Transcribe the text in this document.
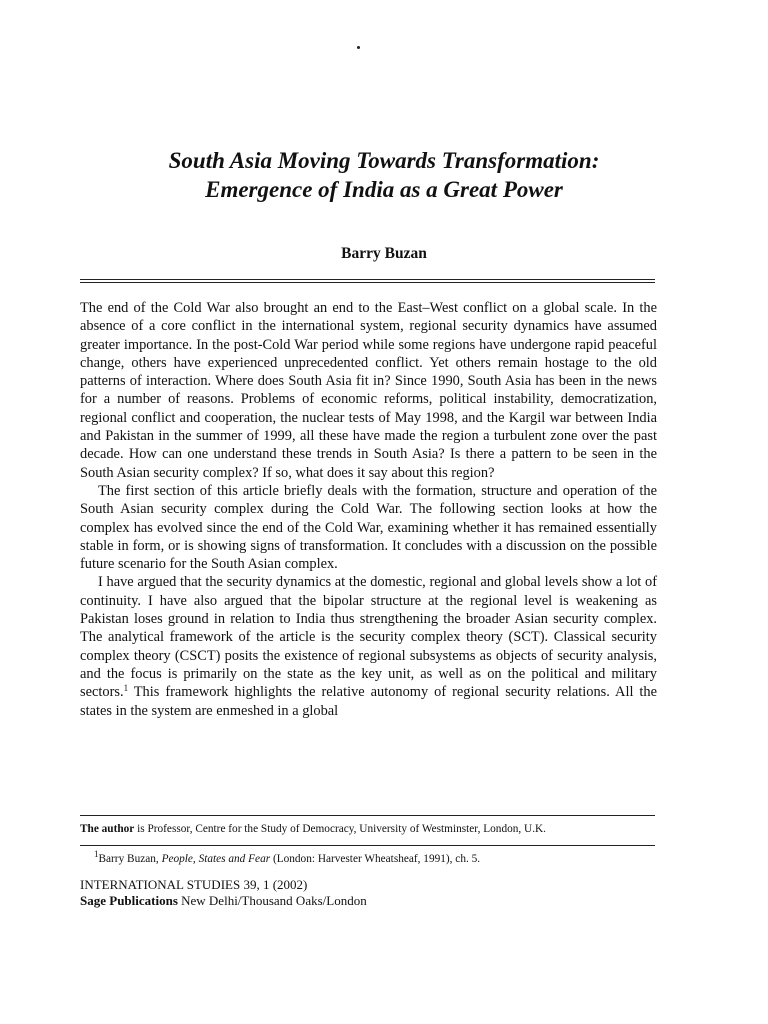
South Asia Moving Towards Transformation:
Emergence of India as a Great Power
Barry Buzan

The end of the Cold War also brought an end to the East–West conflict on a global scale. In the absence of a core conflict in the international system, regional security dynamics have assumed greater importance. In the post-Cold War period while some regions have undergone rapid peaceful change, others have experienced unprecedented conflict. Yet others remain hostage to the old patterns of interaction. Where does South Asia fit in? Since 1990, South Asia has been in the news for a number of reasons. Problems of economic reforms, political instability, democratization, regional conflict and cooperation, the nuclear tests of May 1998, and the Kargil war between India and Pakistan in the summer of 1999, all these have made the region a turbulent zone over the past decade. How can one understand these trends in South Asia? Is there a pattern to be seen in the South Asian security complex? If so, what does it say about this region?

The first section of this article briefly deals with the formation, structure and operation of the South Asian security complex during the Cold War. The following section looks at how the complex has evolved since the end of the Cold War, examining whether it has remained essentially stable in form, or is showing signs of transformation. It concludes with a discussion on the possible future scenario for the South Asian complex.

I have argued that the security dynamics at the domestic, regional and global levels show a lot of continuity. I have also argued that the bipolar structure at the regional level is weakening as Pakistan loses ground in relation to India thus strengthening the broader Asian security complex. The analytical framework of the article is the security complex theory (SCT). Classical security complex theory (CSCT) posits the existence of regional subsystems as objects of security analysis, and the focus is primarily on the state as the key unit, as well as on the political and military sectors.$^1$ This framework highlights the relative autonomy of regional security relations. All the states in the system are enmeshed in a global

The author is Professor, Centre for the Study of Democracy, University of Westminster, London, U.K.
$^1$Barry Buzan, People, States and Fear (London: Harvester Wheatsheaf, 1991), ch. 5.
INTERNATIONAL STUDIES 39, 1 (2002)
Sage Publications New Delhi/Thousand Oaks/London
